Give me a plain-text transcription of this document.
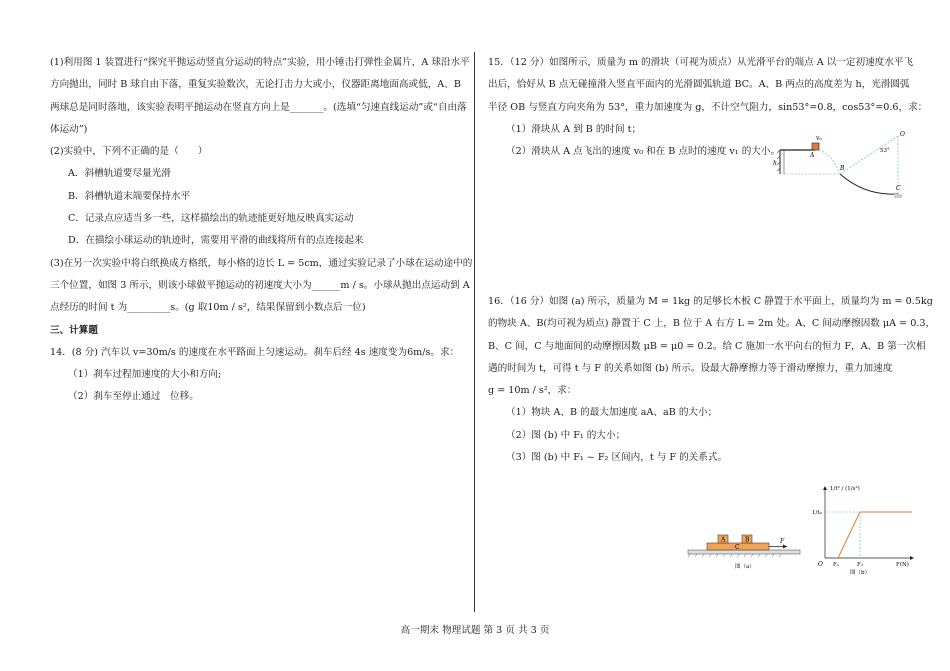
(1)利用图 1 装置进行“探究平抛运动竖直分运动的特点”实验，用小锤击打弹性金属片，A 球沿水平
方向抛出，同时 B 球自由下落，重复实验数次，无论打击力大或小，仪器距离地面高或低，A、B
两球总是同时落地，该实验表明平抛运动在竖直方向上是_______。(选填“匀速直线运动”或“自由落
体运动”)
(2)实验中，下列不正确的是（　　）
A．斜槽轨道要尽量光滑
B．斜槽轨道末端要保持水平
C．记录点应适当多一些，这样描绘出的轨迹能更好地反映真实运动
D．在描绘小球运动的轨迹时，需要用平滑的曲线将所有的点连接起来
(3)在另一次实验中将白纸换成方格纸，每小格的边长 L = 5cm，通过实验记录了小球在运动途中的
三个位置，如图 3 所示，则该小球做平抛运动的初速度大小为______m / s。小球从抛出点运动到 A
点经历的时间 t 为_________s。(g 取10m / s²，结果保留到小数点后一位)
三、计算题
14．(8 分) 汽车以 v=30m/s 的速度在水平路面上匀速运动。刹车后经 4s 速度变为6m/s。求：
（1）刹车过程加速度的大小和方向;
（2）刹车至停止通过　位移。
15．（12 分）如图所示，质量为 m 的滑块（可视为质点）从光滑平台的端点 A 以一定初速度水平飞
出后，恰好从 B 点无碰撞滑入竖直平面内的光滑圆弧轨道 BC。A、B 两点的高度差为 h，光滑圆弧
半径 OB 与竖直方向夹角为 53°，重力加速度为 g，不计空气阻力，sin53°=0.8，cos53°=0.6，求：
（1）滑块从 A 到 B 的时间 t；
（2）滑块从 A 点飞出的速度 v₀ 和在 B 点时的速度 v₁ 的大小。
16．（16 分）如图 (a) 所示，质量为 M = 1kg 的足够长木板 C 静置于水平面上，质量均为 m = 0.5kg
的物块 A、B(均可视为质点) 静置于 C 上，B 位于 A 右方 L = 2m 处。A、C 间动摩擦因数 μA = 0.3，
B、C 间，C 与地面间的动摩擦因数 μB = μ0 = 0.2。给 C 施加一水平向右的恒力 F，A、B 第一次相
遇的时间为 t，可得 t 与 F 的关系如图 (b) 所示。设最大静摩擦力等于滑动摩擦力，重力加速度
g = 10m / s²，求：
（1）物块 A、B 的最大加速度 aA、aB 的大小；
（2）图 (b) 中 F₁ 的大小；
（3）图 (b) 中 F₁ ~ F₂ 区间内，t 与 F 的关系式。
v₀
A
h
B
O
53°
C
C
A	B	F
图（a）
1/t² / (1/s²)
1/t₀
O F₁	F₂	F(N)
图（b）
高一期末 物理试题 第 3 页 共 3 页
